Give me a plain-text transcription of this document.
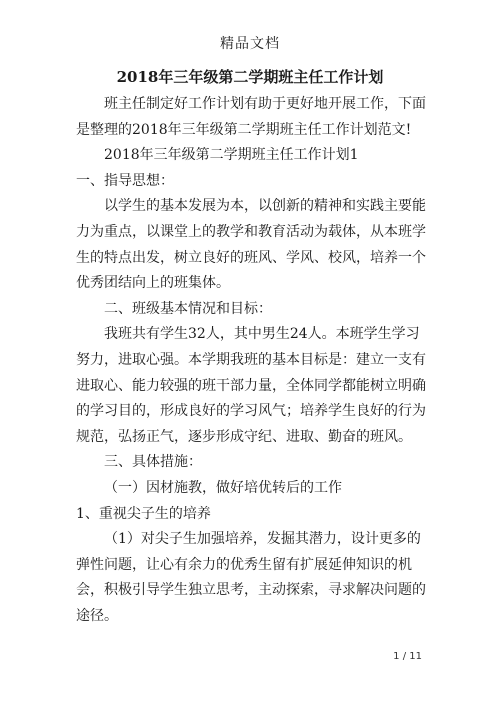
精品文档
2018年三年级第二学期班主任工作计划

班主任制定好工作计划有助于更好地开展工作，下面是整理的2018年三年级第二学期班主任工作计划范文!

2018年三年级第二学期班主任工作计划1　　　一、指导思想：

以学生的基本发展为本，以创新的精神和实践主要能力为重点，以课堂上的教学和教育活动为载体，从本班学生的特点出发，树立良好的班风、学风、校风，培养一个优秀团结向上的班集体。

二、班级基本情况和目标：

我班共有学生32人，其中男生24人。本班学生学习努力，进取心强。本学期我班的基本目标是：建立一支有进取心、能力较强的班干部力量，全体同学都能树立明确的学习目的，形成良好的学习风气；培养学生良好的行为规范，弘扬正气，逐步形成守纪、进取、勤奋的班风。

三、具体措施：

（一）因材施教，做好培优转后的工作

1、重视尖子生的培养

（1）对尖子生加强培养，发掘其潜力，设计更多的弹性问题，让心有余力的优秀生留有扩展延伸知识的机会，积极引导学生独立思考，主动探索，寻求解决问题的途径。

1 / 11
